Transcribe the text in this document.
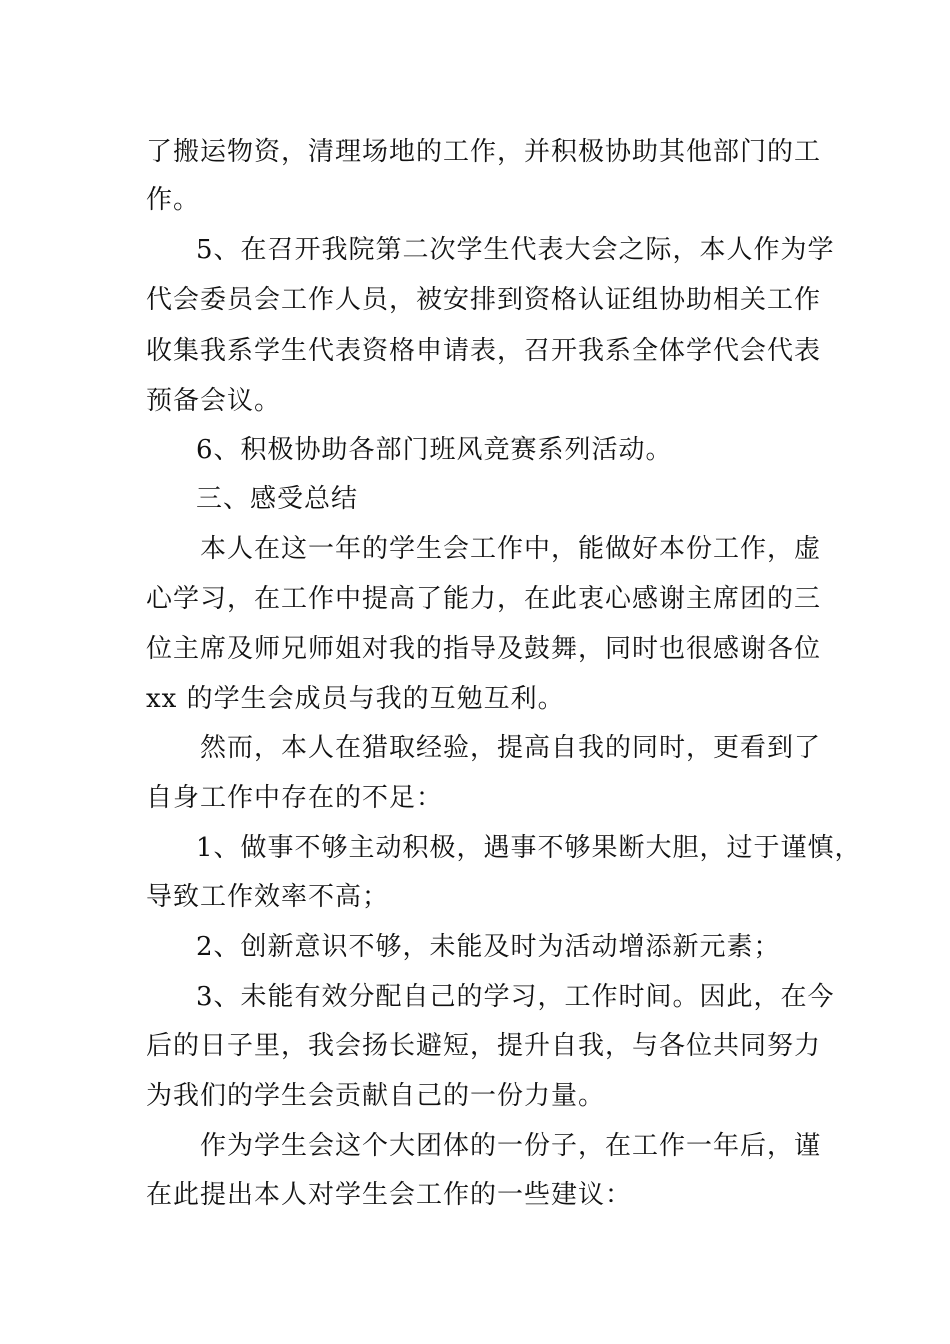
了搬运物资，清理场地的工作，并积极协助其他部门的工
作。
5、在召开我院第二次学生代表大会之际，本人作为学
代会委员会工作人员，被安排到资格认证组协助相关工作
收集我系学生代表资格申请表，召开我系全体学代会代表
预备会议。
6、积极协助各部门班风竞赛系列活动。
三、感受总结
本人在这一年的学生会工作中，能做好本份工作，虚
心学习，在工作中提高了能力，在此衷心感谢主席团的三
位主席及师兄师姐对我的指导及鼓舞，同时也很感谢各位
xx 的学生会成员与我的互勉互利。
然而，本人在猎取经验，提高自我的同时，更看到了
自身工作中存在的不足：
1、做事不够主动积极，遇事不够果断大胆，过于谨慎，
导致工作效率不高；
2、创新意识不够，未能及时为活动增添新元素；
3、未能有效分配自己的学习，工作时间。因此，在今
后的日子里，我会扬长避短，提升自我，与各位共同努力
为我们的学生会贡献自己的一份力量。
作为学生会这个大团体的一份子，在工作一年后，谨
在此提出本人对学生会工作的一些建议：
